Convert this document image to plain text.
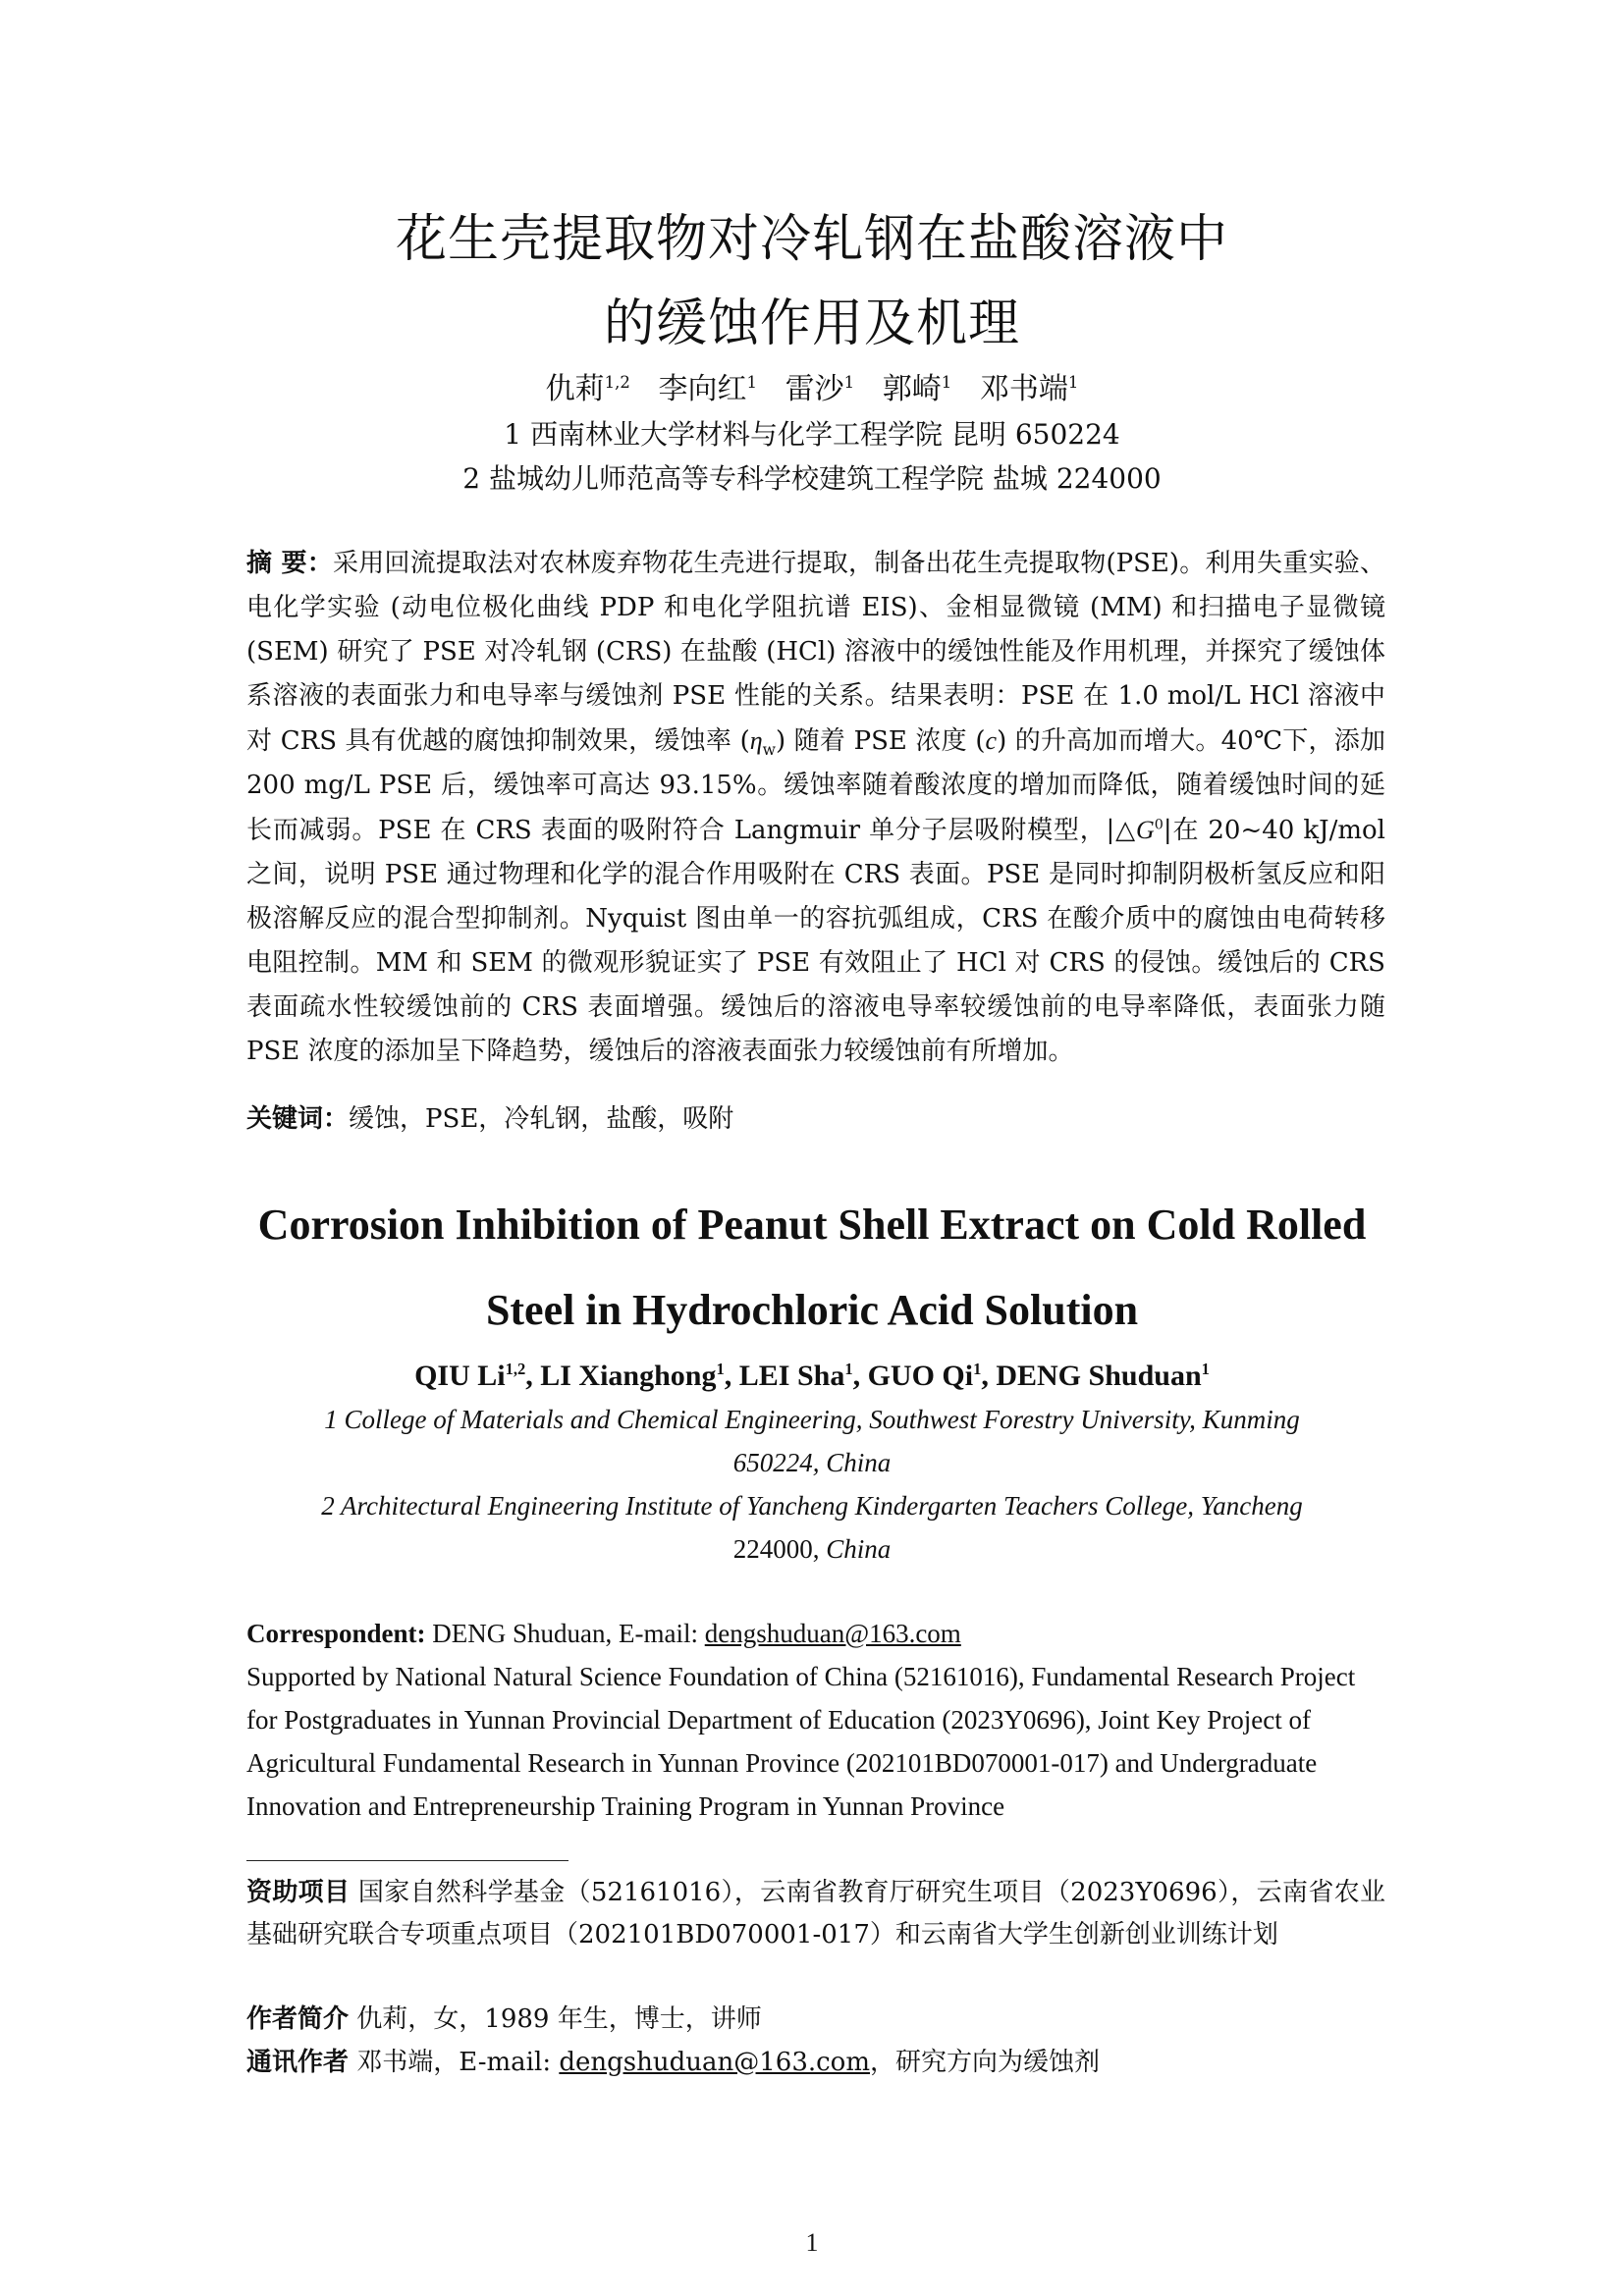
花生壳提取物对冷轧钢在盐酸溶液中
的缓蚀作用及机理
仇莉$^{1,2}$ 李向红$^1$ 雷沙$^1$ 郭崎$^1$ 邓书端$^1$
1 西南林业大学材料与化学工程学院 昆明 650224
2 盐城幼儿师范高等专科学校建筑工程学院 盐城 224000
摘 要：采用回流提取法对农林废弃物花生壳进行提取，制备出花生壳提取物(PSE)。利用失重实验、电化学实验 (动电位极化曲线 PDP 和电化学阻抗谱 EIS)、金相显微镜 (MM) 和扫描电子显微镜 (SEM) 研究了 PSE 对冷轧钢 (CRS) 在盐酸 (HCl) 溶液中的缓蚀性能及作用机理，并探究了缓蚀体系溶液的表面张力和电导率与缓蚀剂 PSE 性能的关系。结果表明：PSE 在 1.0 mol/L HCl 溶液中对 CRS 具有优越的腐蚀抑制效果，缓蚀率 $(\eta_w)$ 随着 PSE 浓度 (c) 的升高加而增大。40℃下，添加 200 mg/L PSE 后，缓蚀率可高达 93.15%。缓蚀率随着酸浓度的增加而降低，随着缓蚀时间的延长而减弱。PSE 在 CRS 表面的吸附符合 Langmuir 单分子层吸附模型，$|\triangle G^0|$在 20~40 kJ/mol 之间，说明 PSE 通过物理和化学的混合作用吸附在 CRS 表面。PSE 是同时抑制阴极析氢反应和阳极溶解反应的混合型抑制剂。Nyquist 图由单一的容抗弧组成，CRS 在酸介质中的腐蚀由电荷转移电阻控制。MM 和 SEM 的微观形貌证实了 PSE 有效阻止了 HCl 对 CRS 的侵蚀。缓蚀后的 CRS 表面疏水性较缓蚀前的 CRS 表面增强。缓蚀后的溶液电导率较缓蚀前的电导率降低，表面张力随 PSE 浓度的添加呈下降趋势，缓蚀后的溶液表面张力较缓蚀前有所增加。
关键词：缓蚀，PSE，冷轧钢，盐酸，吸附
Corrosion Inhibition of Peanut Shell Extract on Cold Rolled
Steel in Hydrochloric Acid Solution
QIU Li$^{1,2}$, LI Xianghong$^1$, LEI Sha$^1$, GUO Qi$^1$, DENG Shuduan$^1$
1 College of Materials and Chemical Engineering, Southwest Forestry University, Kunming
650224, China
2 Architectural Engineering Institute of Yancheng Kindergarten Teachers College, Yancheng
224000, China
Correspondent: DENG Shuduan, E-mail: dengshuduan@163.com
Supported by National Natural Science Foundation of China (52161016), Fundamental Research Project for Postgraduates in Yunnan Provincial Department of Education (2023Y0696), Joint Key Project of Agricultural Fundamental Research in Yunnan Province (202101BD070001-017) and Undergraduate Innovation and Entrepreneurship Training Program in Yunnan Province
资助项目 国家自然科学基金（52161016），云南省教育厅研究生项目（2023Y0696），云南省农业基础研究联合专项重点项目（202101BD070001-017）和云南省大学生创新创业训练计划
作者简介 仇莉，女，1989 年生，博士，讲师
通讯作者 邓书端，E-mail: dengshuduan@163.com，研究方向为缓蚀剂
1
